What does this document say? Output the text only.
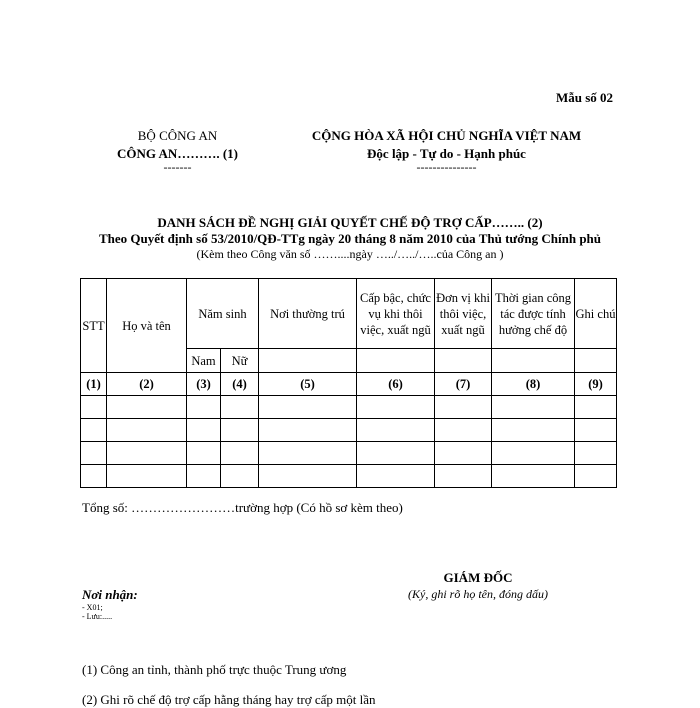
Mẫu số 02
BỘ CÔNG AN
CÔNG AN………. (1)
-------
CỘNG HÒA XÃ HỘI CHỦ NGHĨA VIỆT NAM
Độc lập - Tự do - Hạnh phúc
---------------
DANH SÁCH ĐỀ NGHỊ GIẢI QUYẾT CHẾ ĐỘ TRỢ CẤP…….. (2)
Theo Quyết định số 53/2010/QĐ-TTg ngày 20 tháng 8 năm 2010 của Thủ tướng Chính phủ
(Kèm theo Công văn số ……....ngày …../…../…..của Công an )
STT	Họ và tên	Năm sinh		Nơi thường trú	Cấp bậc, chức vụ khi thôi việc, xuất ngũ	Đơn vị khi thôi việc, xuất ngũ	Thời gian công tác được tính hưởng chế độ	Ghi chú
		Nam	Nữ					
(1)	(2)	(3)	(4)	(5)	(6)	(7)	(8)	(9)

Tổng số: ……………………trường hợp (Có hồ sơ kèm theo)
GIÁM ĐỐC
(Ký, ghi rõ họ tên, đóng dấu)
Nơi nhận:
- X01;
- Lưu:.....
(1) Công an tỉnh, thành phố trực thuộc Trung ương
(2) Ghi rõ chế độ trợ cấp hằng tháng hay trợ cấp một lần
